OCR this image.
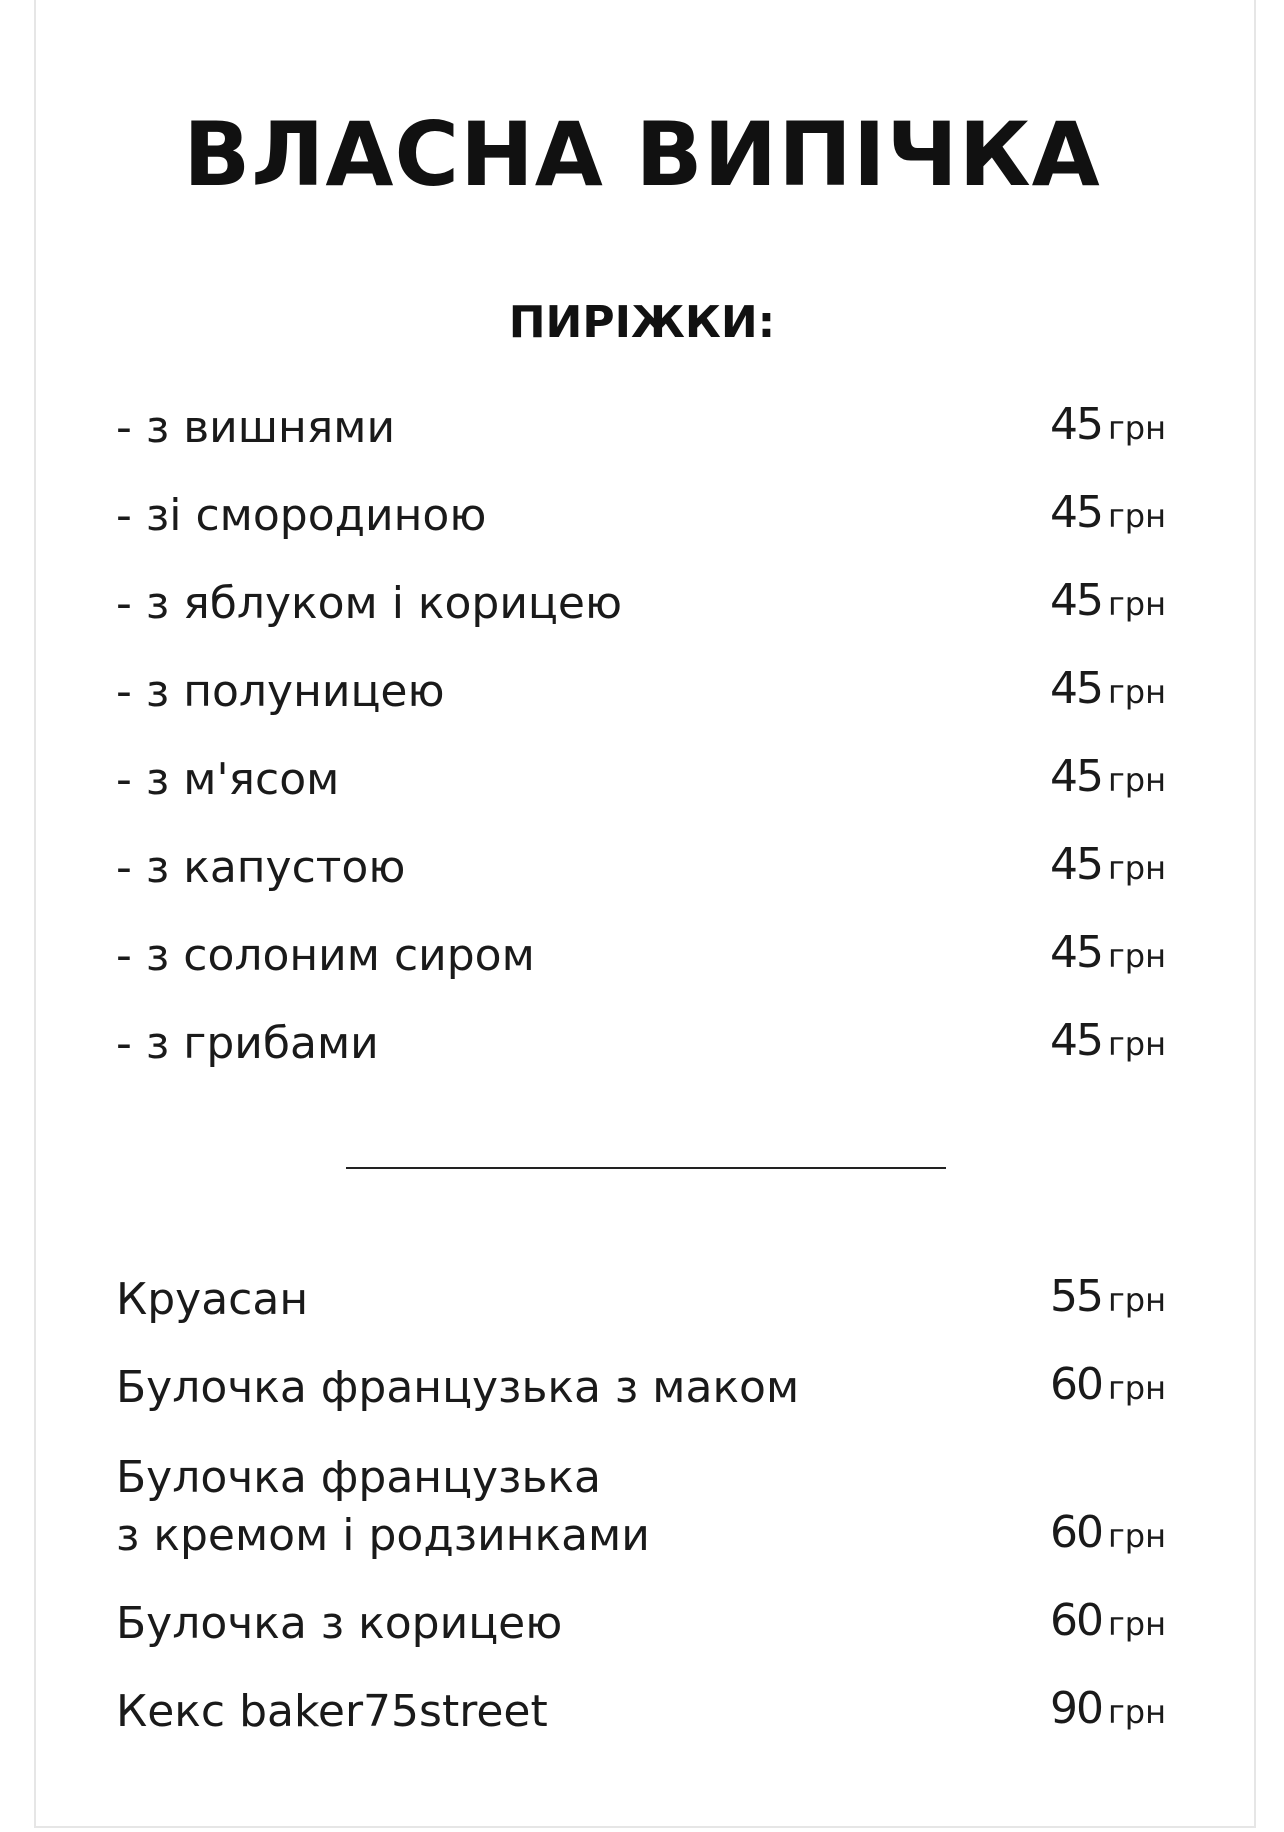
ВЛАСНА ВИПІЧКА
ПИРІЖКИ:
- з вишнями	45 грн
- зі смородиною	45 грн
- з яблуком і корицею	45 грн
- з полуницею	45 грн
- з м'ясом	45 грн
- з капустою	45 грн
- з солоним сиром	45 грн
- з грибами	45 грн
Круасан	55 грн
Булочка французька з маком	60 грн
Булочка французька
з кремом і родзинками	60 грн
Булочка з корицею	60 грн
Кекс baker75street	90 грн
